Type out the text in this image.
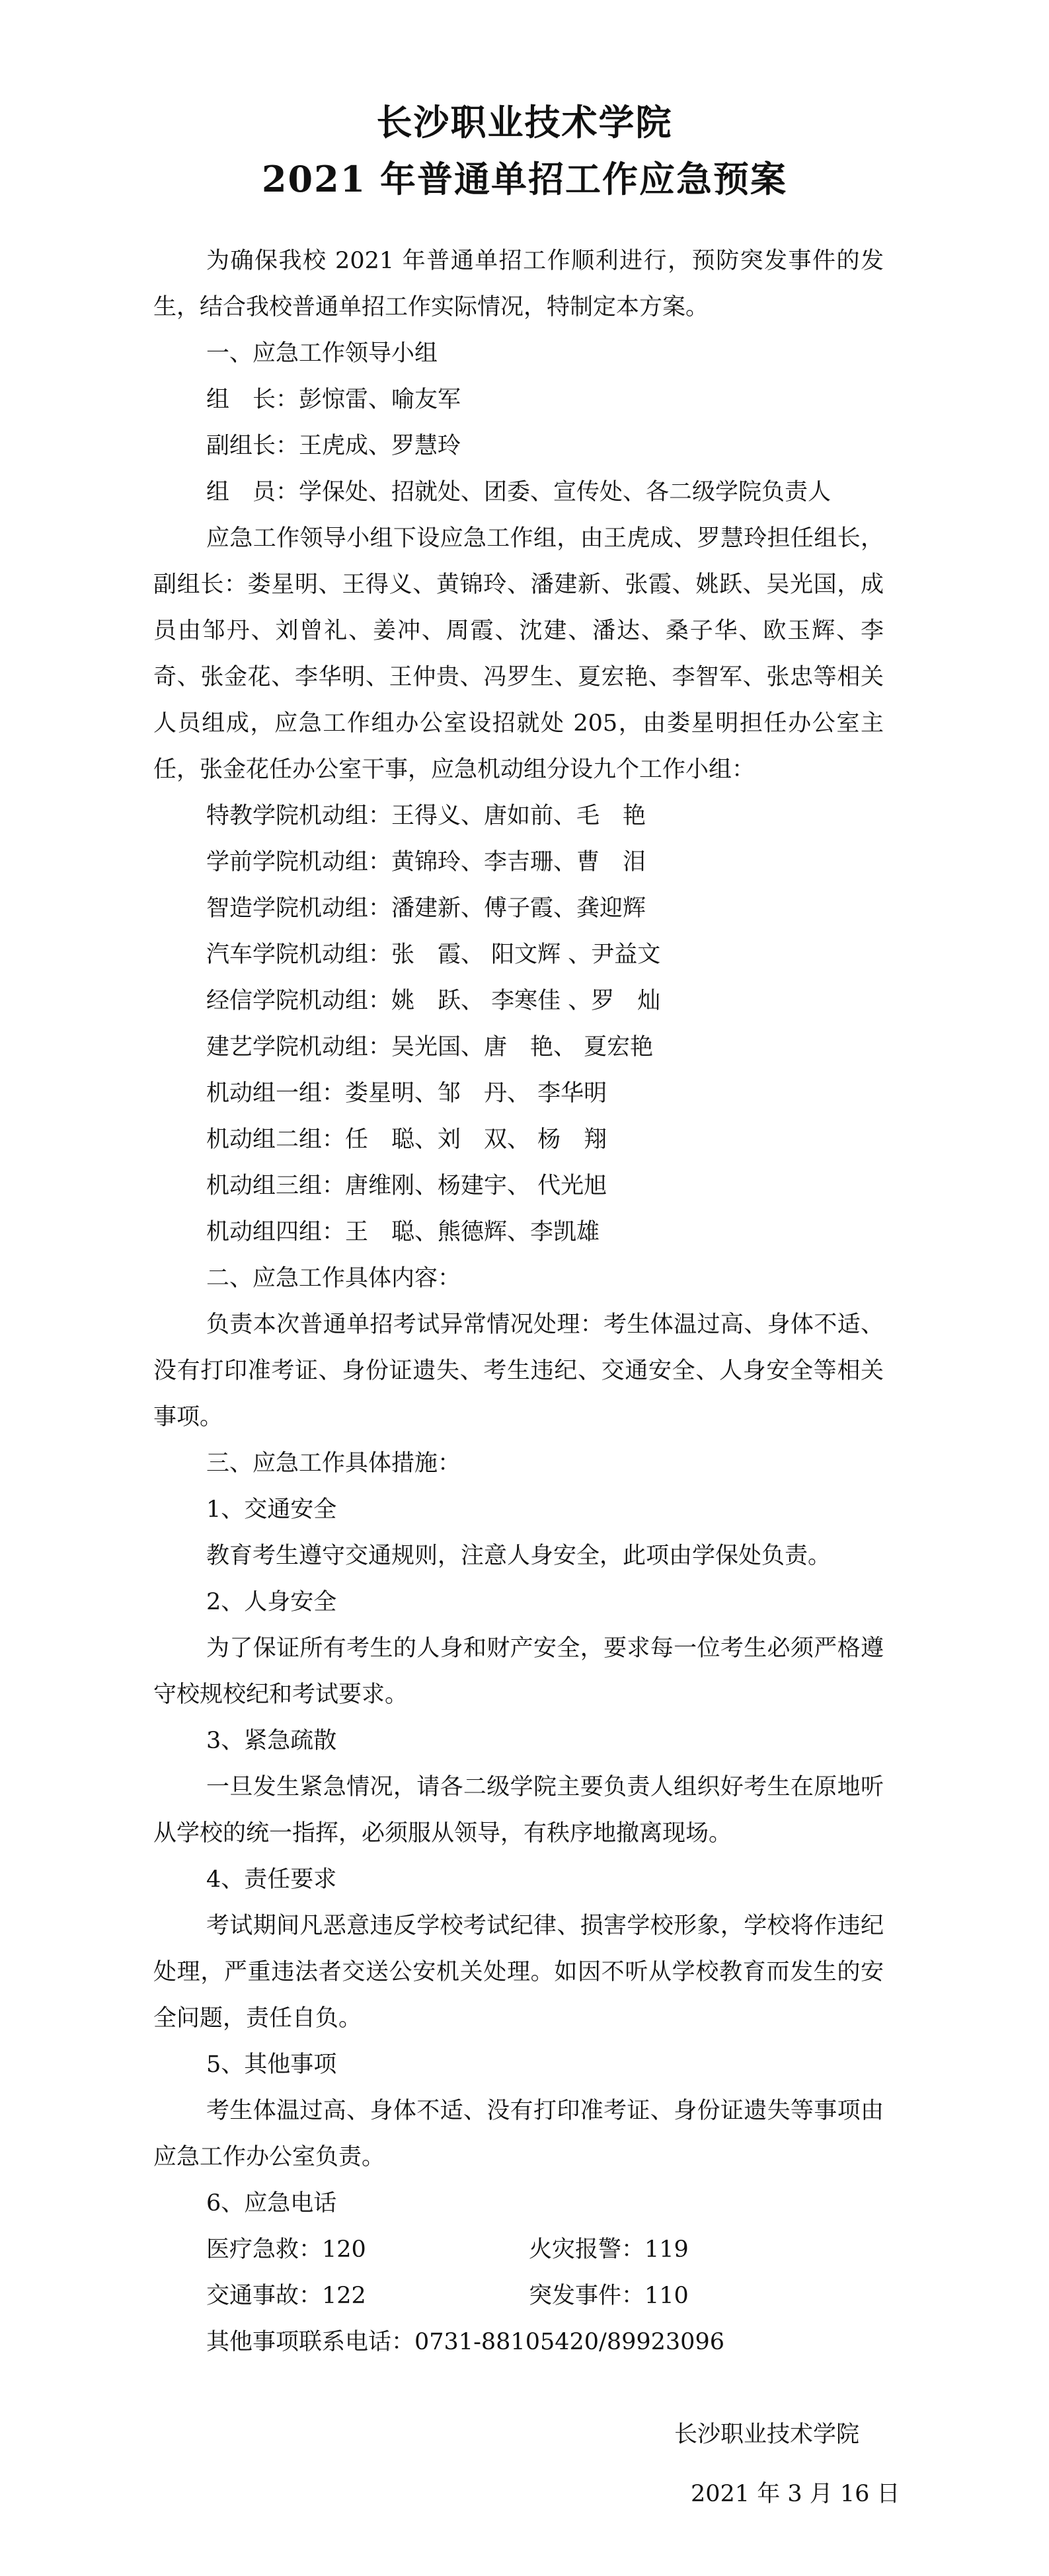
长沙职业技术学院
2021 年普通单招工作应急预案

为确保我校 2021 年普通单招工作顺利进行，预防突发事件的发生，结合我校普通单招工作实际情况，特制定本方案。

一、应急工作领导小组

组　长：彭惊雷、喻友军

副组长：王虎成、罗慧玲

组　员：学保处、招就处、团委、宣传处、各二级学院负责人

应急工作领导小组下设应急工作组，由王虎成、罗慧玲担任组长，副组长：娄星明、王得义、黄锦玲、潘建新、张霞、姚跃、吴光国，成员由邹丹、刘曾礼、姜冲、周霞、沈建、潘达、桑子华、欧玉辉、李奇、张金花、李华明、王仲贵、冯罗生、夏宏艳、李智军、张忠等相关人员组成，应急工作组办公室设招就处 205，由娄星明担任办公室主任，张金花任办公室干事，应急机动组分设九个工作小组：

特教学院机动组：王得义、唐如前、毛　艳

学前学院机动组：黄锦玲、李吉珊、曹　泪

智造学院机动组：潘建新、傅子霞、龚迎辉

汽车学院机动组：张　霞、 阳文辉 、尹益文

经信学院机动组：姚　跃、 李寒佳 、罗　灿

建艺学院机动组：吴光国、唐　艳、 夏宏艳

机动组一组：娄星明、邹　丹、 李华明

机动组二组：任　聪、刘　双、 杨　翔

机动组三组：唐维刚、杨建宇、 代光旭

机动组四组：王　聪、熊德辉、李凯雄

二、应急工作具体内容：

负责本次普通单招考试异常情况处理：考生体温过高、身体不适、没有打印准考证、身份证遗失、考生违纪、交通安全、人身安全等相关事项。

三、应急工作具体措施：

1、交通安全

教育考生遵守交通规则，注意人身安全，此项由学保处负责。

2、人身安全

为了保证所有考生的人身和财产安全，要求每一位考生必须严格遵守校规校纪和考试要求。

3、紧急疏散

一旦发生紧急情况，请各二级学院主要负责人组织好考生在原地听从学校的统一指挥，必须服从领导，有秩序地撤离现场。

4、责任要求

考试期间凡恶意违反学校考试纪律、损害学校形象，学校将作违纪处理，严重违法者交送公安机关处理。如因不听从学校教育而发生的安全问题，责任自负。

5、其他事项

考生体温过高、身体不适、没有打印准考证、身份证遗失等事项由应急工作办公室负责。

6、应急电话

医疗急救：120	火灾报警：119
交通事故：122	突发事件：110
其他事项联系电话：0731-88105420/89923096
长沙职业技术学院
2021 年 3 月 16 日
